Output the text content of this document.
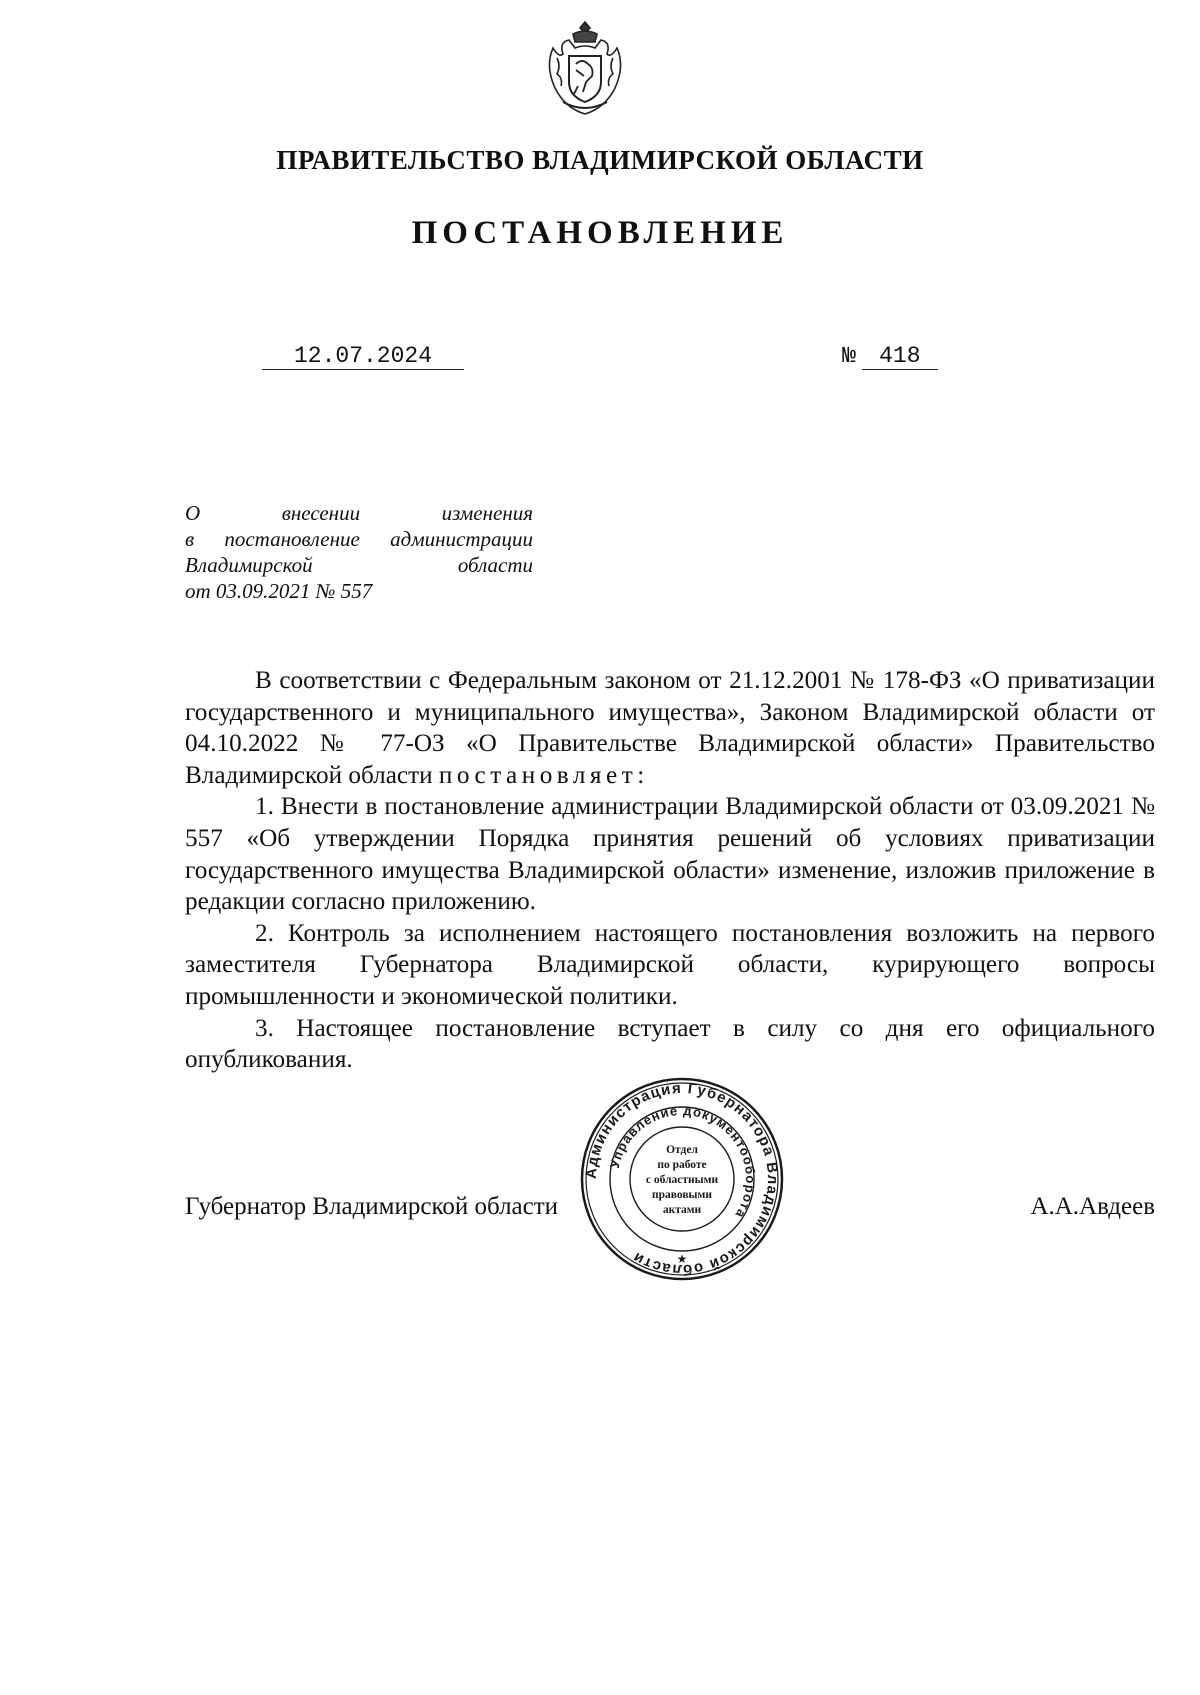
ПРАВИТЕЛЬСТВО ВЛАДИМИРСКОЙ ОБЛАСТИ
ПОСТАНОВЛЕНИЕ
12.07.2024	№ 418

О внесении изменения

в постановление администрации

Владимирской области

от 03.09.2021 № 557

В соответствии с Федеральным законом от 21.12.2001 № 178-ФЗ «О приватизации государственного и муниципального имущества», Законом Владимирской области от 04.10.2022 № 77-ОЗ «О Правительстве Владимирской области» Правительство Владимирской области постановляет:

1. Внести в постановление администрации Владимирской области от 03.09.2021 № 557 «Об утверждении Порядка принятия решений об условиях приватизации государственного имущества Владимирской области» изменение, изложив приложение в редакции согласно приложению.

2. Контроль за исполнением настоящего постановления возложить на первого заместителя Губернатора Владимирской области, курирующего вопросы промышленности и экономической политики.

3. Настоящее постановление вступает в силу со дня его официального опубликования.

Губернатор Владимирской области	А.А.Авдеев
Администрация Губернатора Владимирской области
Управление документооборота
Отдел
по работе
с областными
правовыми
актами
★
